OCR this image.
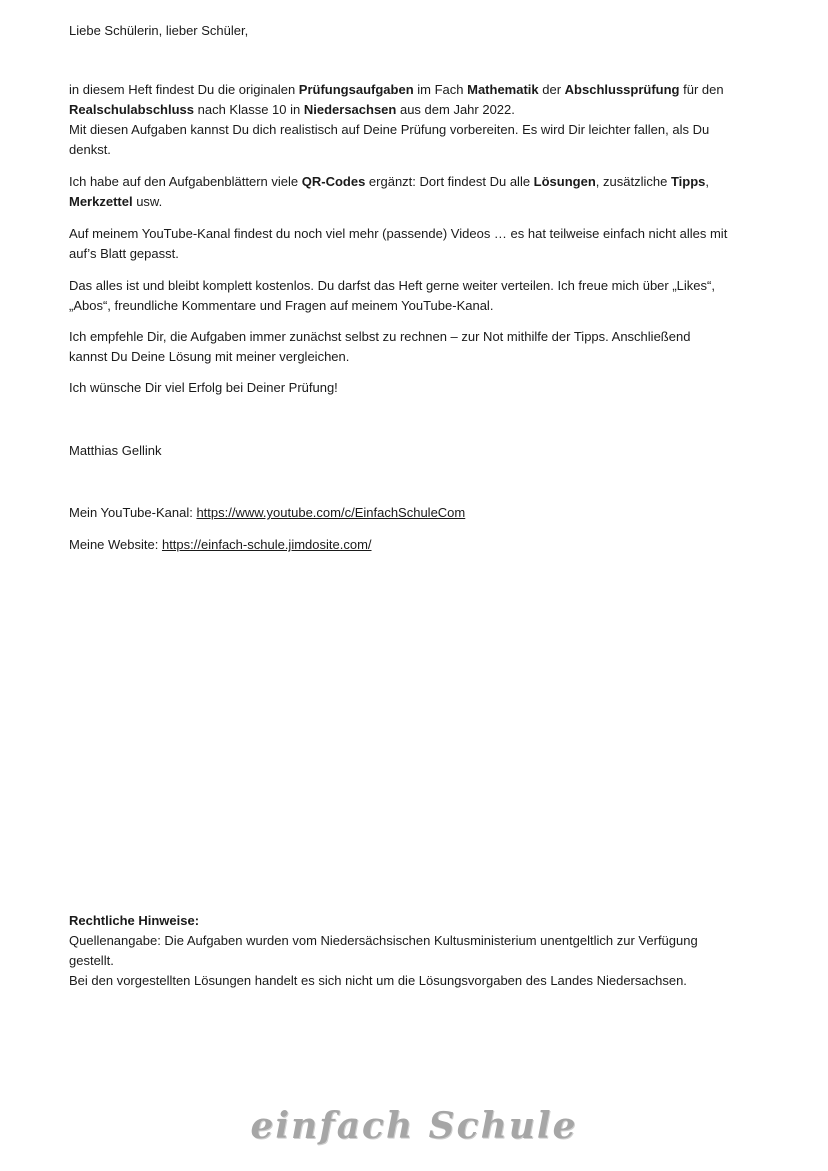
Liebe Schülerin, lieber Schüler,
in diesem Heft findest Du die originalen Prüfungsaufgaben im Fach Mathematik der Abschlussprüfung für den
Realschulabschluss nach Klasse 10 in Niedersachsen aus dem Jahr 2022.
Mit diesen Aufgaben kannst Du dich realistisch auf Deine Prüfung vorbereiten. Es wird Dir leichter fallen, als Du
denkst.
Ich habe auf den Aufgabenblättern viele QR-Codes ergänzt: Dort findest Du alle Lösungen, zusätzliche Tipps,
Merkzettel usw.
Auf meinem YouTube-Kanal findest du noch viel mehr (passende) Videos … es hat teilweise einfach nicht alles mit
auf’s Blatt gepasst.
Das alles ist und bleibt komplett kostenlos. Du darfst das Heft gerne weiter verteilen. Ich freue mich über „Likes“,
„Abos“, freundliche Kommentare und Fragen auf meinem YouTube-Kanal.
Ich empfehle Dir, die Aufgaben immer zunächst selbst zu rechnen – zur Not mithilfe der Tipps. Anschließend
kannst Du Deine Lösung mit meiner vergleichen.
Ich wünsche Dir viel Erfolg bei Deiner Prüfung!
Matthias Gellink
Mein YouTube-Kanal: https://www.youtube.com/c/EinfachSchuleCom
Meine Website: https://einfach-schule.jimdosite.com/
Rechtliche Hinweise:
Quellenangabe: Die Aufgaben wurden vom Niedersächsischen Kultusministerium unentgeltlich zur Verfügung
gestellt.
Bei den vorgestellten Lösungen handelt es sich nicht um die Lösungsvorgaben des Landes Niedersachsen.
einfach Schule
